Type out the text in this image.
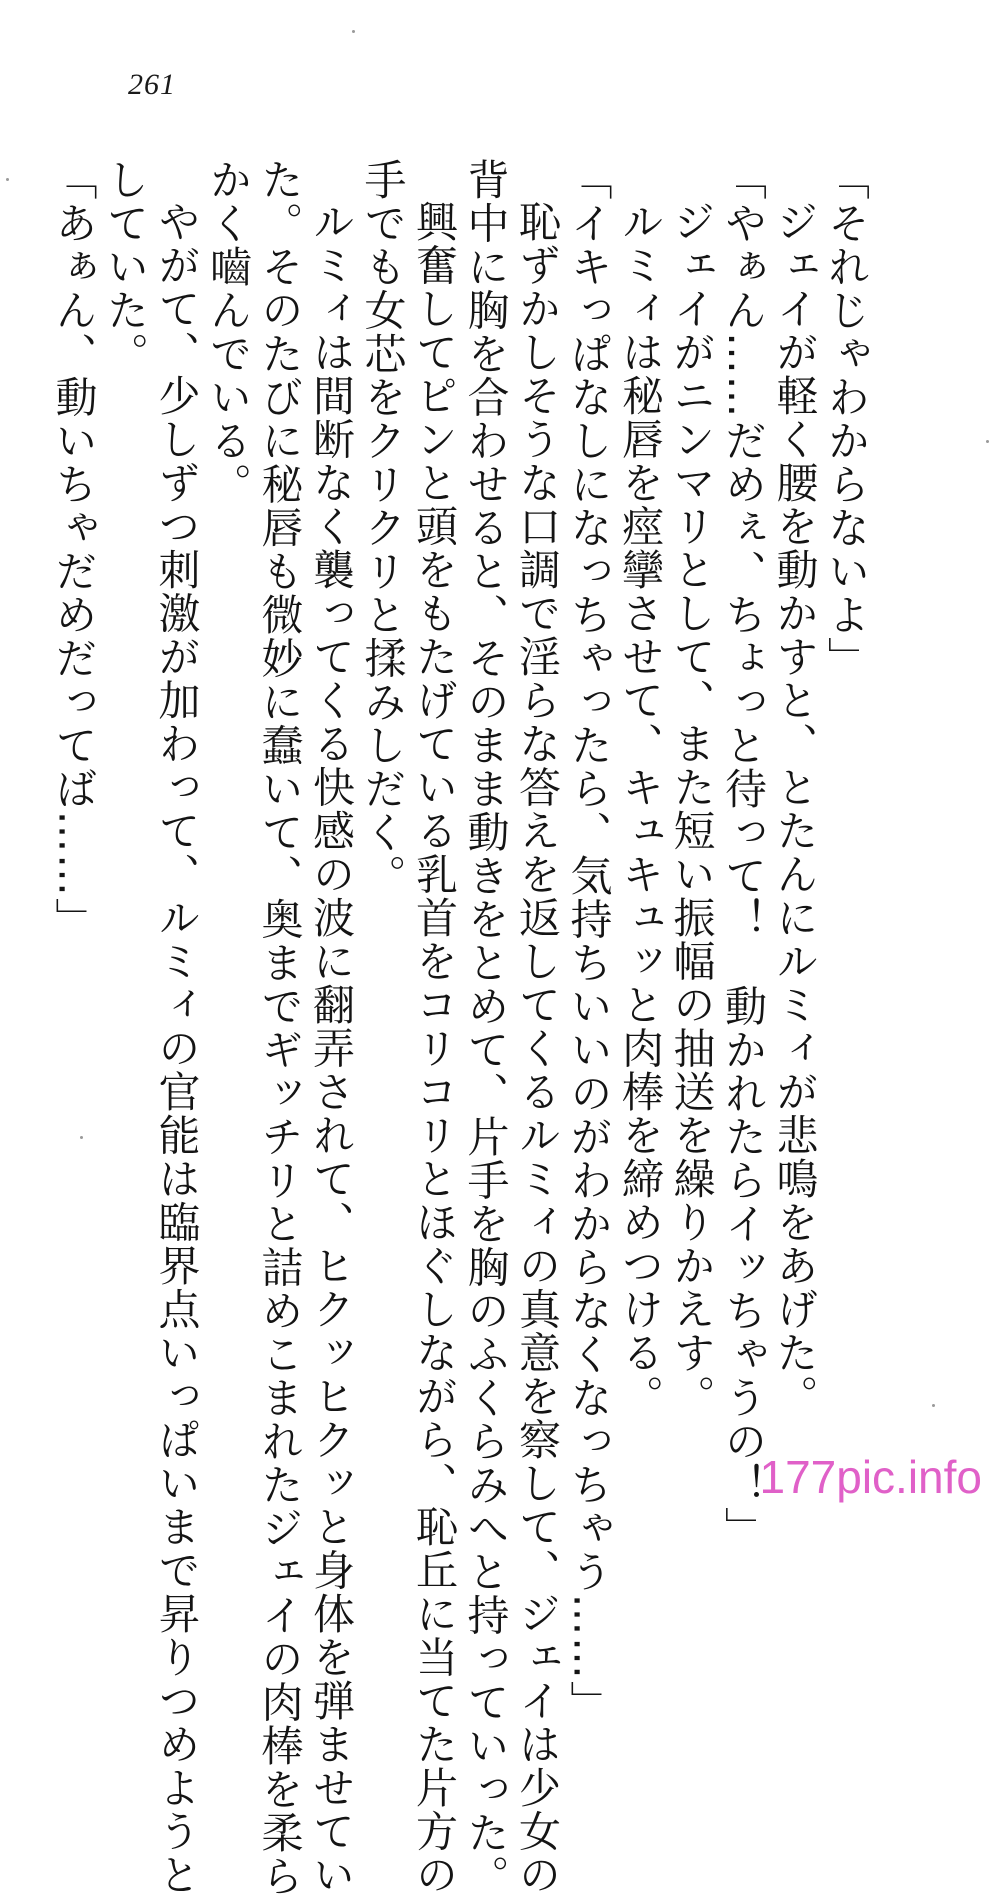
261

「それじゃわからないよ」

ジェイが軽く腰を動かすと、とたんにルミィが悲鳴をあげた。

「やぁん……だめぇ、ちょっと待って！　動かれたらイッちゃうの！」

ジェイがニンマリとして、また短い振幅の抽送を繰りかえす。

ルミィは秘唇を痙攣させて、キュキュッと肉棒を締めつける。

「イキっぱなしになっちゃったら、気持ちいいのがわからなくなっちゃう……」

恥ずかしそうな口調で淫らな答えを返してくるルミィの真意を察して、ジェイは少女の

背中に胸を合わせると、そのまま動きをとめて、片手を胸のふくらみへと持っていった。

興奮してピンと頭をもたげている乳首をコリコリとほぐしながら、恥丘に当てた片方の

手でも女芯をクリクリと揉みしだく。

ルミィは間断なく襲ってくる快感の波に翻弄されて、ヒクッヒクッと身体を弾ませてい

た。そのたびに秘唇も微妙に蠢いて、奥までギッチリと詰めこまれたジェイの肉棒を柔ら

かく嚙んでいる。

やがて、少しずつ刺激が加わって、ルミィの官能は臨界点いっぱいまで昇りつめようと

していた。

「あぁん、動いちゃだめだってば……」

177pic.info
